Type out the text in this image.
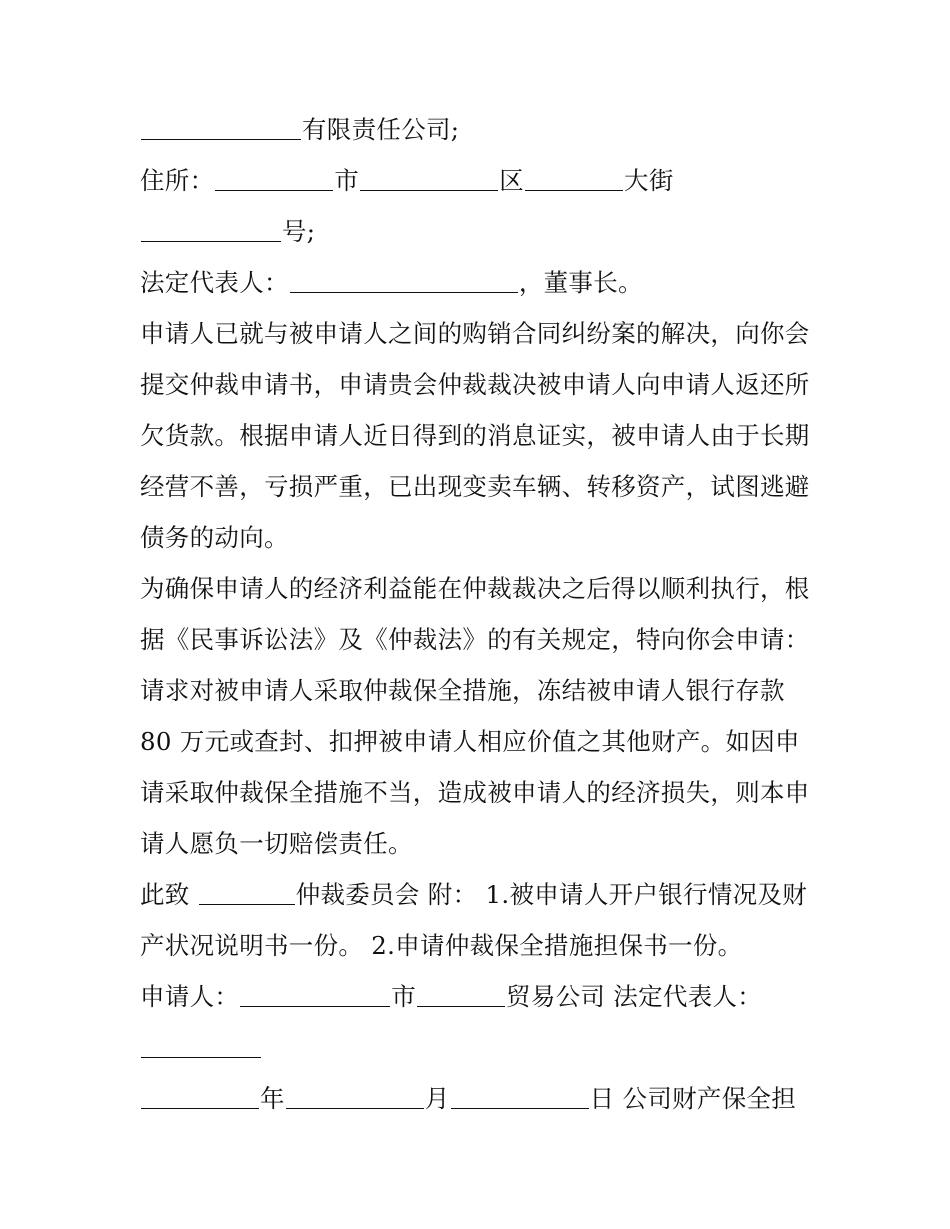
有限责任公司;
住所：	市	区	大街
号;
法定代表人：	，董事长。
申请人已就与被申请人之间的购销合同纠纷案的解决，向你会
提交仲裁申请书，申请贵会仲裁裁决被申请人向申请人返还所
欠货款。根据申请人近日得到的消息证实，被申请人由于长期
经营不善，亏损严重，已出现变卖车辆、转移资产，试图逃避
债务的动向。
为确保申请人的经济利益能在仲裁裁决之后得以顺利执行，根
据《民事诉讼法》及《仲裁法》的有关规定，特向你会申请：
请求对被申请人采取仲裁保全措施，冻结被申请人银行存款
80 万元或查封、扣押被申请人相应价值之其他财产。如因申
请采取仲裁保全措施不当，造成被申请人的经济损失，则本申
请人愿负一切赔偿责任。
此致	仲裁委员会 附： 1.被申请人开户银行情况及财
产状况说明书一份。 2.申请仲裁保全措施担保书一份。
申请人：	市	贸易公司 法定代表人：
年	月	日 公司财产保全担
